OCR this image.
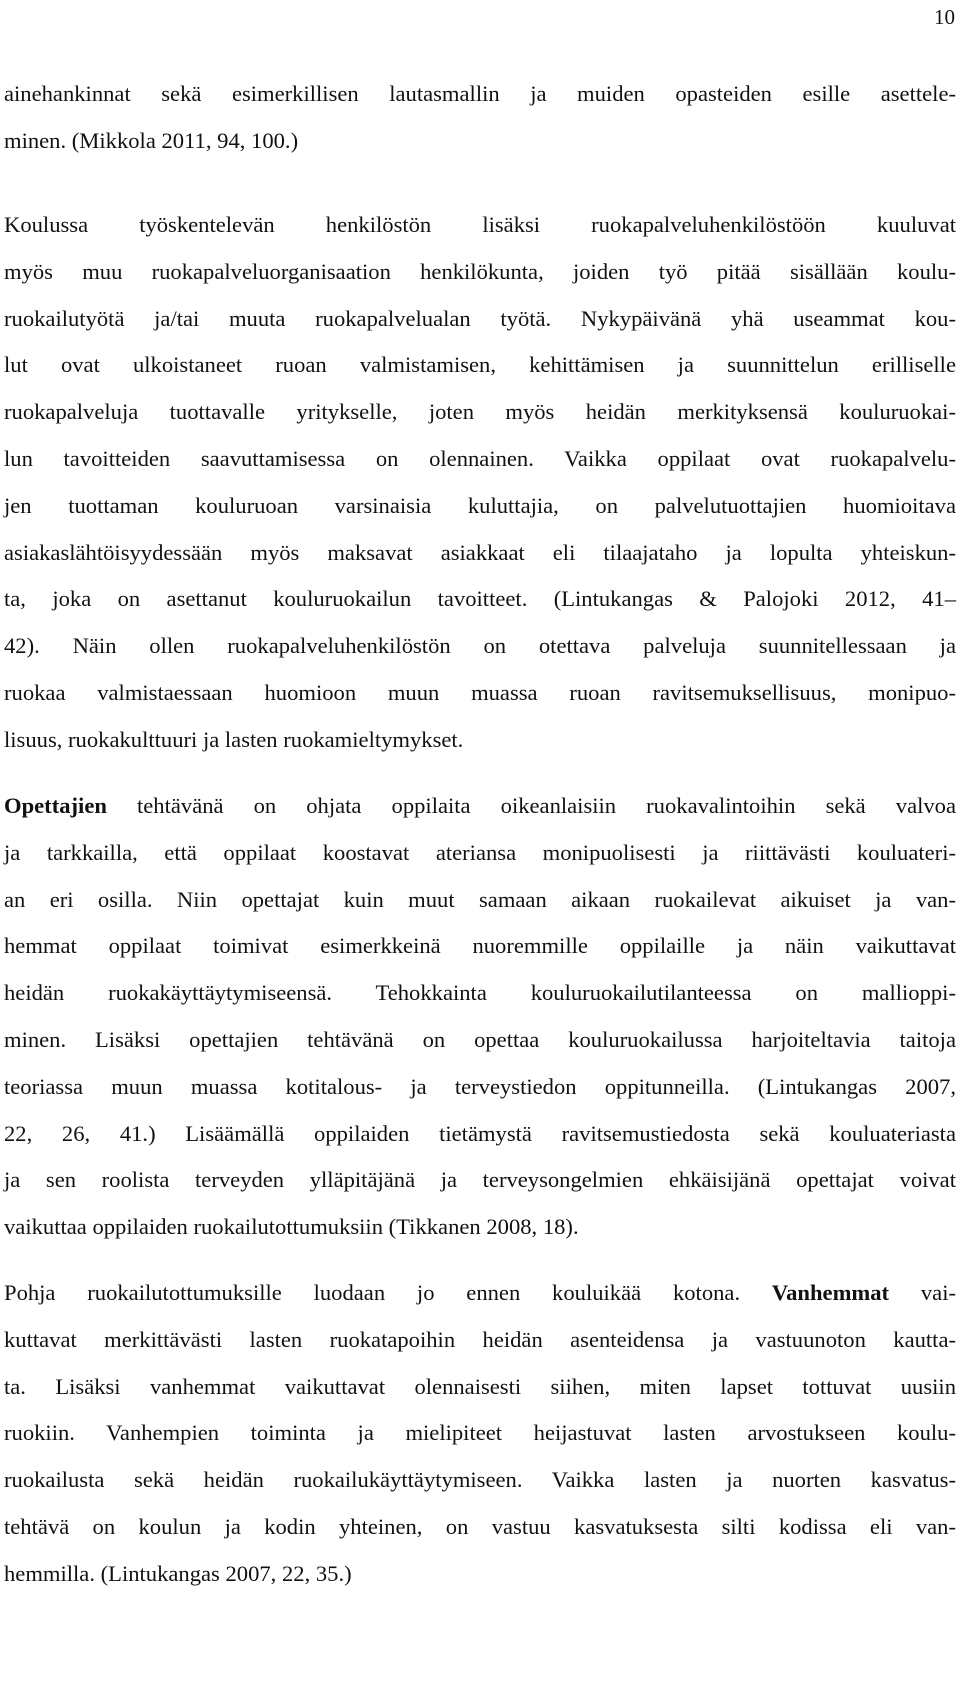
10
ainehankinnat sekä esimerkillisen lautasmallin ja muiden opasteiden esille asettele-
minen. (Mikkola 2011, 94, 100.)
Koulussa työskentelevän henkilöstön lisäksi ruokapalveluhenkilöstöön kuuluvat
myös muu ruokapalveluorganisaation henkilökunta, joiden työ pitää sisällään koulu-
ruokailutyötä ja/tai muuta ruokapalvelualan työtä. Nykypäivänä yhä useammat kou-
lut ovat ulkoistaneet ruoan valmistamisen, kehittämisen ja suunnittelun erilliselle
ruokapalveluja tuottavalle yritykselle, joten myös heidän merkityksensä kouluruokai-
lun tavoitteiden saavuttamisessa on olennainen. Vaikka oppilaat ovat ruokapalvelu-
jen tuottaman kouluruoan varsinaisia kuluttajia, on palvelutuottajien huomioitava
asiakaslähtöisyydessään myös maksavat asiakkaat eli tilaajataho ja lopulta yhteiskun-
ta, joka on asettanut kouluruokailun tavoitteet. (Lintukangas & Palojoki 2012, 41–
42). Näin ollen ruokapalveluhenkilöstön on otettava palveluja suunnitellessaan ja
ruokaa valmistaessaan huomioon muun muassa ruoan ravitsemuksellisuus, monipuo-
lisuus, ruokakulttuuri ja lasten ruokamieltymykset.
Opettajien tehtävänä on ohjata oppilaita oikeanlaisiin ruokavalintoihin sekä valvoa
ja tarkkailla, että oppilaat koostavat ateriansa monipuolisesti ja riittävästi kouluateri-
an eri osilla. Niin opettajat kuin muut samaan aikaan ruokailevat aikuiset ja van-
hemmat oppilaat toimivat esimerkkeinä nuoremmille oppilaille ja näin vaikuttavat
heidän ruokakäyttäytymiseensä. Tehokkainta kouluruokailutilanteessa on mallioppi-
minen. Lisäksi opettajien tehtävänä on opettaa kouluruokailussa harjoiteltavia taitoja
teoriassa muun muassa kotitalous- ja terveystiedon oppitunneilla. (Lintukangas 2007,
22, 26, 41.) Lisäämällä oppilaiden tietämystä ravitsemustiedosta sekä kouluateriasta
ja sen roolista terveyden ylläpitäjänä ja terveysongelmien ehkäisijänä opettajat voivat
vaikuttaa oppilaiden ruokailutottumuksiin (Tikkanen 2008, 18).
Pohja ruokailutottumuksille luodaan jo ennen kouluikää kotona. Vanhemmat vai-
kuttavat merkittävästi lasten ruokatapoihin heidän asenteidensa ja vastuunoton kautta-
ta. Lisäksi vanhemmat vaikuttavat olennaisesti siihen, miten lapset tottuvat uusiin
ruokiin. Vanhempien toiminta ja mielipiteet heijastuvat lasten arvostukseen koulu-
ruokailusta sekä heidän ruokailukäyttäytymiseen. Vaikka lasten ja nuorten kasvatus-
tehtävä on koulun ja kodin yhteinen, on vastuu kasvatuksesta silti kodissa eli van-
hemmilla. (Lintukangas 2007, 22, 35.)
